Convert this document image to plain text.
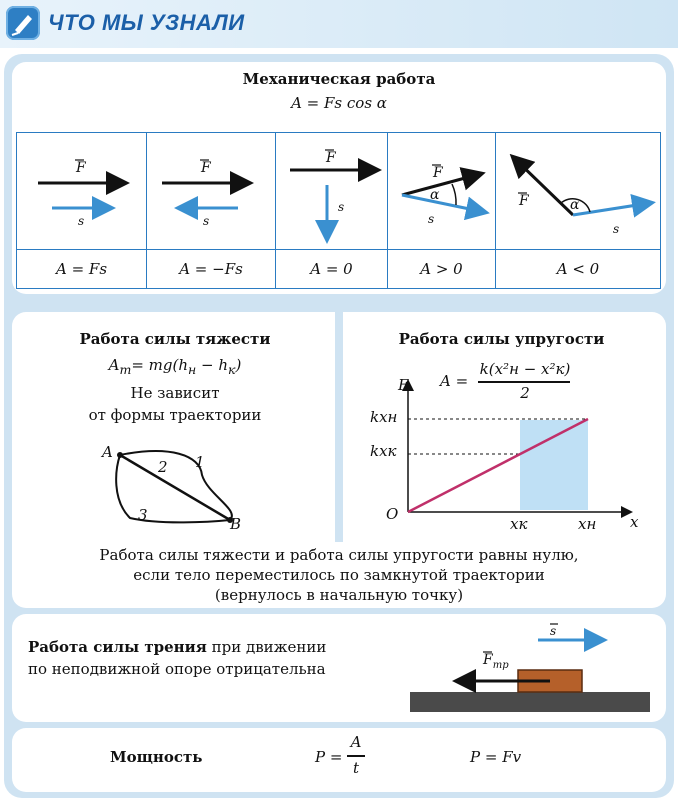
ЧТО МЫ УЗНАЛИ
Механическая работа
A = Fs cos α
F
s
F
s
F
s
F
s
α	F
s
α
A = Fs	A = −Fs	A = 0	A > 0	A < 0
Работа силы тяжести
$A_т= mg(h_н - h_к)$
Не зависит
от формы траектории
A
B
1
2
3
Работа силы упругости
A =
k(x²н − x²к)
2
F
x
O
kxн
kxк
xк	xн
Работа силы тяжести и работа силы упругости равны нулю,
если тело переместилось по замкнутой траектории
(вернулось в начальную точку)
Работа силы трения при движении
по неподвижной опоре отрицательна	$F_{тр}$
s
Мощность	P =
A
t
P = Fv
